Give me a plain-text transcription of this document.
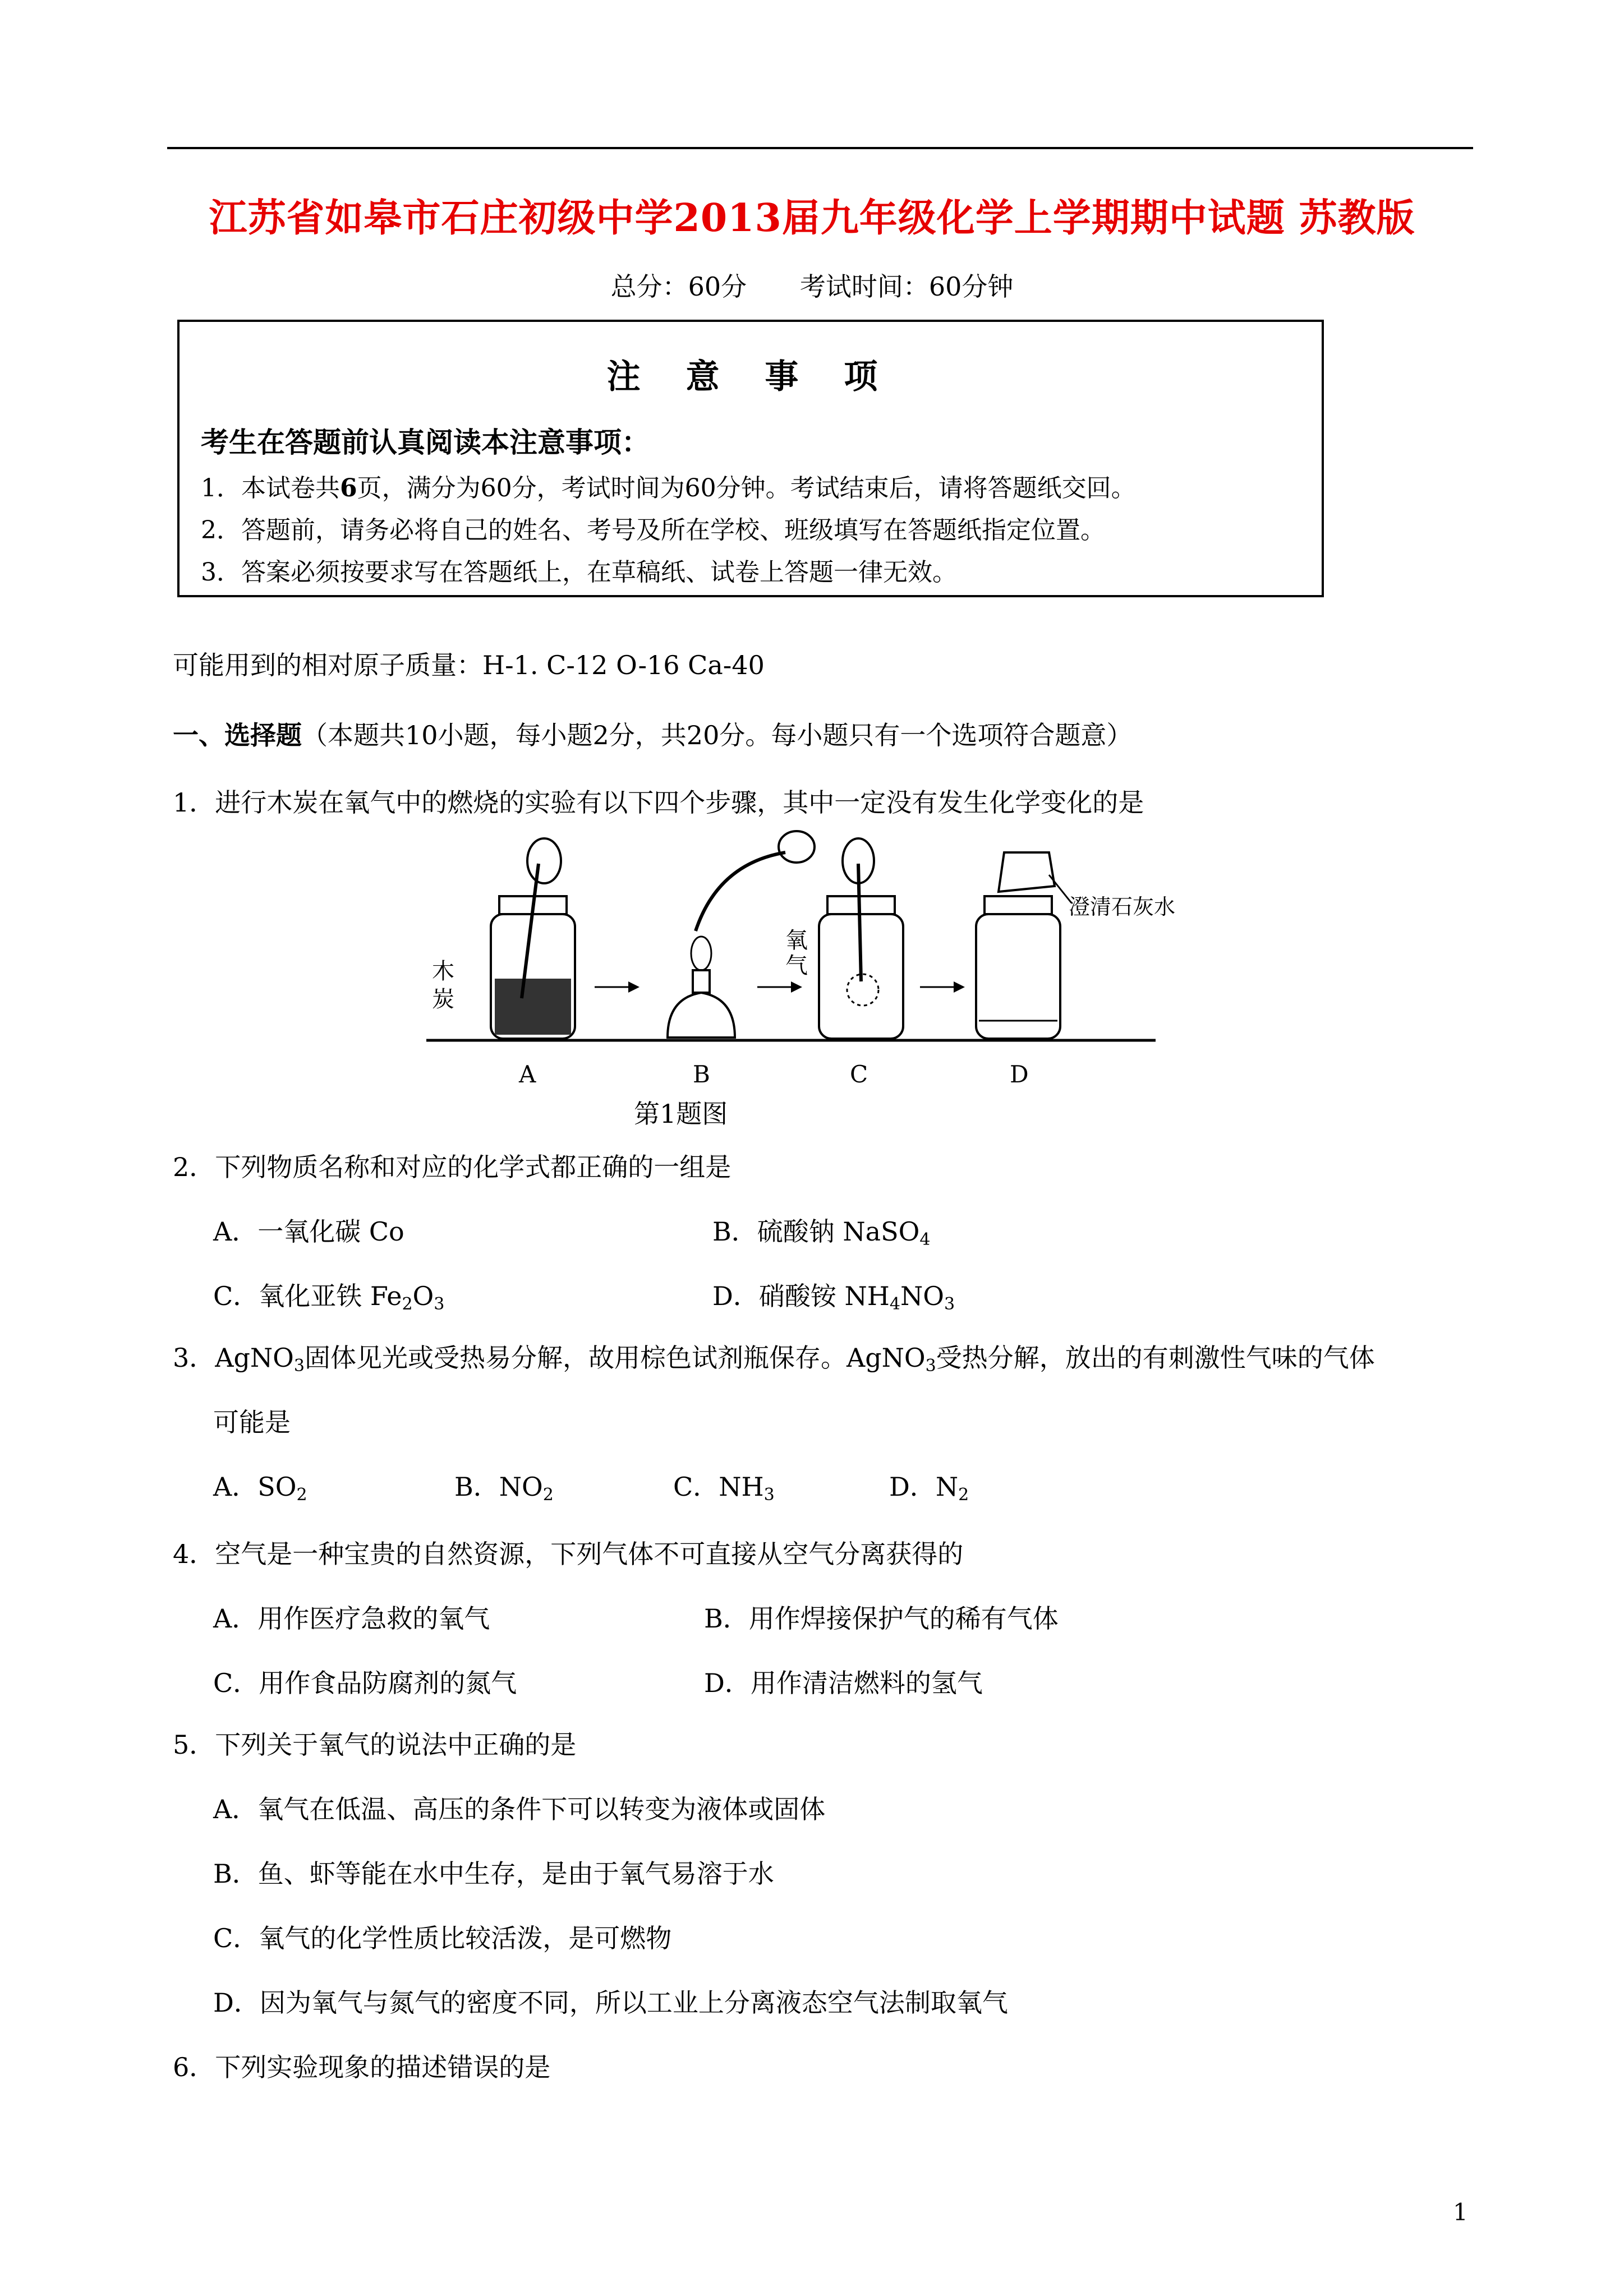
江苏省如皋市石庄初级中学2013届九年级化学上学期期中试题 苏教版
总分：60分 考试时间：60分钟
注 意 事 项
考生在答题前认真阅读本注意事项：
1．本试卷共6页，满分为60分，考试时间为60分钟。考试结束后，请将答题纸交回。
2．答题前，请务必将自己的姓名、考号及所在学校、班级填写在答题纸指定位置。
3．答案必须按要求写在答题纸上，在草稿纸、试卷上答题一律无效。
可能用到的相对原子质量：H-1. C-12 O-16 Ca-40
一、选择题（本题共10小题，每小题2分，共20分。每小题只有一个选项符合题意）
1．进行木炭在氧气中的燃烧的实验有以下四个步骤，其中一定没有发生化学变化的是
木
炭
氧
气
澄清石灰水
A	B	C	D
第1题图
2．下列物质名称和对应的化学式都正确的一组是
A．一氧化碳 Co	B．硫酸钠 NaSO$_4$
C．氧化亚铁 $Fe_2O_3$	D．硝酸铵 $NH_4NO_3$
3．AgNO$_3$固体见光或受热易分解，故用棕色试剂瓶保存。AgNO$_3$受热分解，放出的有刺激性气味的气体
可能是
A．$SO_2$	B．$NO_2$	C．$NH_3$	D．$N_2$
4．空气是一种宝贵的自然资源，下列气体不可直接从空气分离获得的
A．用作医疗急救的氧气	B．用作焊接保护气的稀有气体
C．用作食品防腐剂的氮气	D．用作清洁燃料的氢气
5．下列关于氧气的说法中正确的是
A．氧气在低温、高压的条件下可以转变为液体或固体
B．鱼、虾等能在水中生存，是由于氧气易溶于水
C．氧气的化学性质比较活泼，是可燃物
D．因为氧气与氮气的密度不同，所以工业上分离液态空气法制取氧气
6．下列实验现象的描述错误的是
1
